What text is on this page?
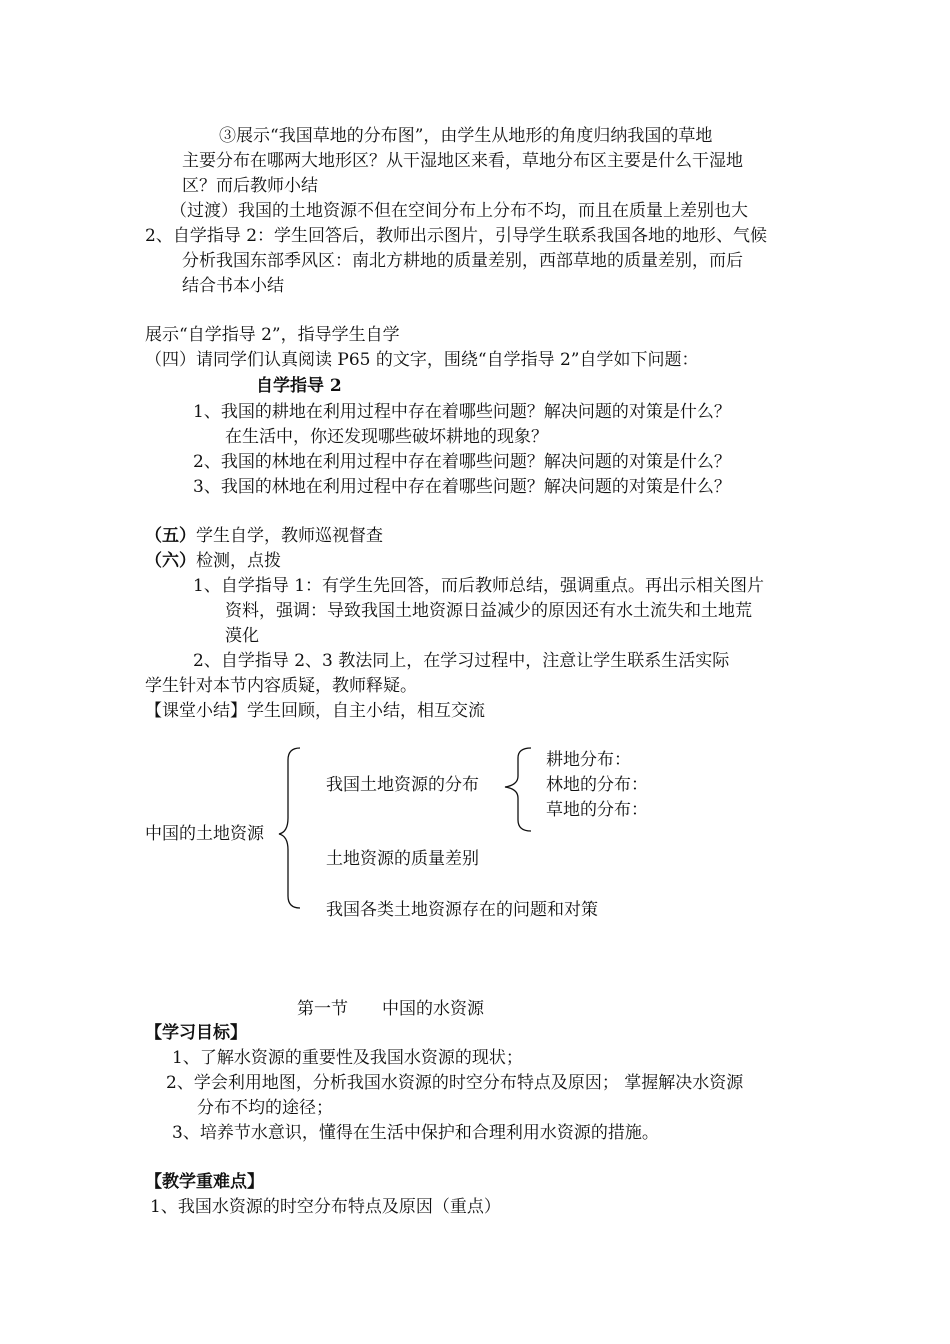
③展示“我国草地的分布图”，由学生从地形的角度归纳我国的草地
主要分布在哪两大地形区？从干湿地区来看，草地分布区主要是什么干湿地
区？而后教师小结
（过渡）我国的土地资源不但在空间分布上分布不均，而且在质量上差别也大
2、自学指导 2：学生回答后，教师出示图片，引导学生联系我国各地的地形、气候
分析我国东部季风区：南北方耕地的质量差别，西部草地的质量差别，而后
结合书本小结
展示“自学指导 2”，指导学生自学
（四）请同学们认真阅读 P65 的文字，围绕“自学指导 2”自学如下问题：
自学指导 2
1、我国的耕地在利用过程中存在着哪些问题？解决问题的对策是什么？
在生活中，你还发现哪些破坏耕地的现象？
2、我国的林地在利用过程中存在着哪些问题？解决问题的对策是什么？
3、我国的林地在利用过程中存在着哪些问题？解决问题的对策是什么？
（五）学生自学，教师巡视督查
（六）检测，点拨
1、自学指导 1：有学生先回答，而后教师总结，强调重点。再出示相关图片
资料，强调：导致我国土地资源日益减少的原因还有水土流失和土地荒
漠化
2、自学指导 2、3 教法同上，在学习过程中，注意让学生联系生活实际
学生针对本节内容质疑，教师释疑。
【课堂小结】学生回顾，自主小结，相互交流
中国的土地资源
我国土地资源的分布
耕地分布：
林地的分布：
草地的分布：
土地资源的质量差别
我国各类土地资源存在的问题和对策
第一节　　中国的水资源
【学习目标】
1、了解水资源的重要性及我国水资源的现状；
2、学会利用地图，分析我国水资源的时空分布特点及原因； 掌握解决水资源
分布不均的途径；
3、培养节水意识，懂得在生活中保护和合理利用水资源的措施。
【教学重难点】
1、我国水资源的时空分布特点及原因（重点）
